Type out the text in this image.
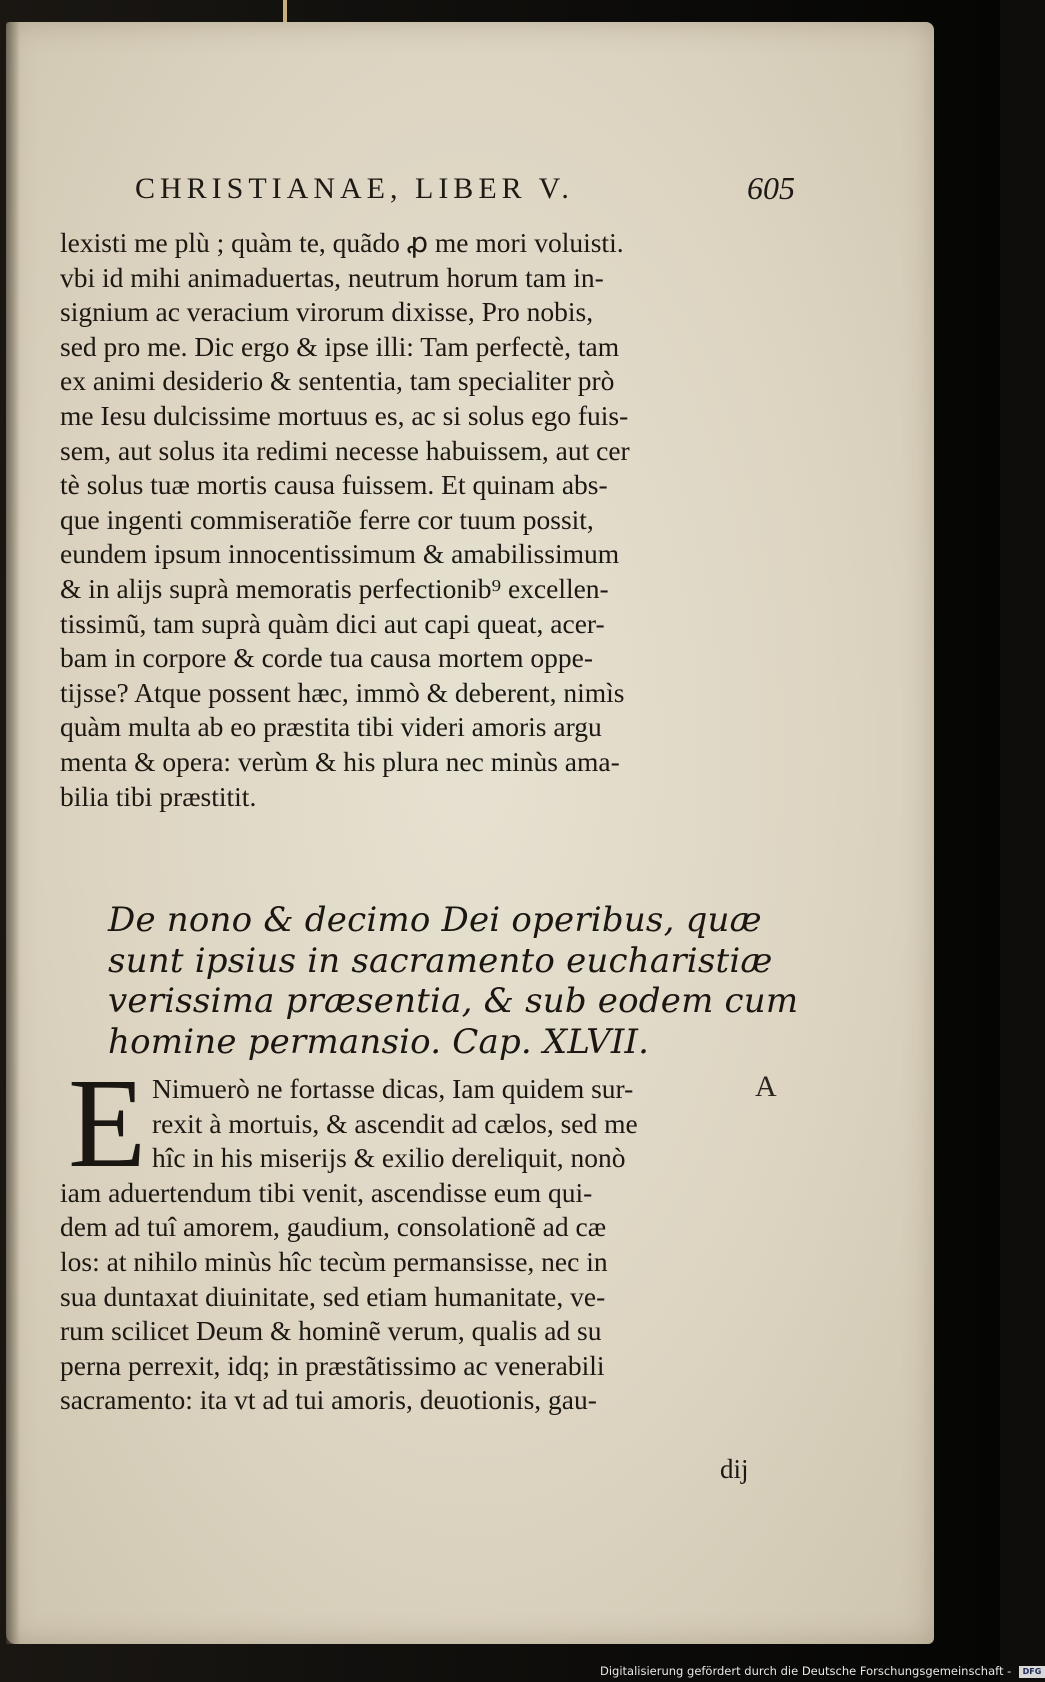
CHRISTIANAE, LIBER V.	605
lexisti me plù ; quàm te, quãdo ꝓ me mori voluisti.
vbi id mihi animaduertas, neutrum horum tam in-
signium ac veracium virorum dixisse, Pro nobis,
sed pro me. Dic ergo & ipse illi: Tam perfectè, tam
ex animi desiderio & sententia, tam specialiter prò
me Iesu dulcissime mortuus es, ac si solus ego fuis-
sem, aut solus ita redimi necesse habuissem, aut cer
tè solus tuæ mortis causa fuissem. Et quinam abs-
que ingenti commiseratiõe ferre cor tuum possit,
eundem ipsum innocentissimum & amabilissimum
& in alijs suprà memoratis perfectionib⁹ excellen-
tissimũ, tam suprà quàm dici aut capi queat, acer-
bam in corpore & corde tua causa mortem oppe-
tijsse? Atque possent hæc, immò & deberent, nimìs
quàm multa ab eo præstita tibi videri amoris argu
menta & opera: verùm & his plura nec minùs ama-
bilia tibi præstitit.
De nono & decimo Dei operibus, quæ
sunt ipsius in sacramento eucharistiæ
verissima præsentia, & sub eodem cum
homine permansio. Cap. XLVII.
E Nimuerò ne fortasse dicas, Iam quidem sur-
rexit à mortuis, & ascendit ad cælos, sed me
hîc in his miserijs & exilio dereliquit, nonò
iam aduertendum tibi venit, ascendisse eum qui-
dem ad tuî amorem, gaudium, consolationẽ ad cæ
los: at nihilo minùs hîc tecùm permansisse, nec in
sua duntaxat diuinitate, sed etiam humanitate, ve-
rum scilicet Deum & hominẽ verum, qualis ad su
perna perrexit, idq; in præstãtissimo ac venerabili
sacramento: ita vt ad tui amoris, deuotionis, gau-
A
dij
Digitalisierung gefördert durch die Deutsche Forschungsgemeinschaft - DFG
